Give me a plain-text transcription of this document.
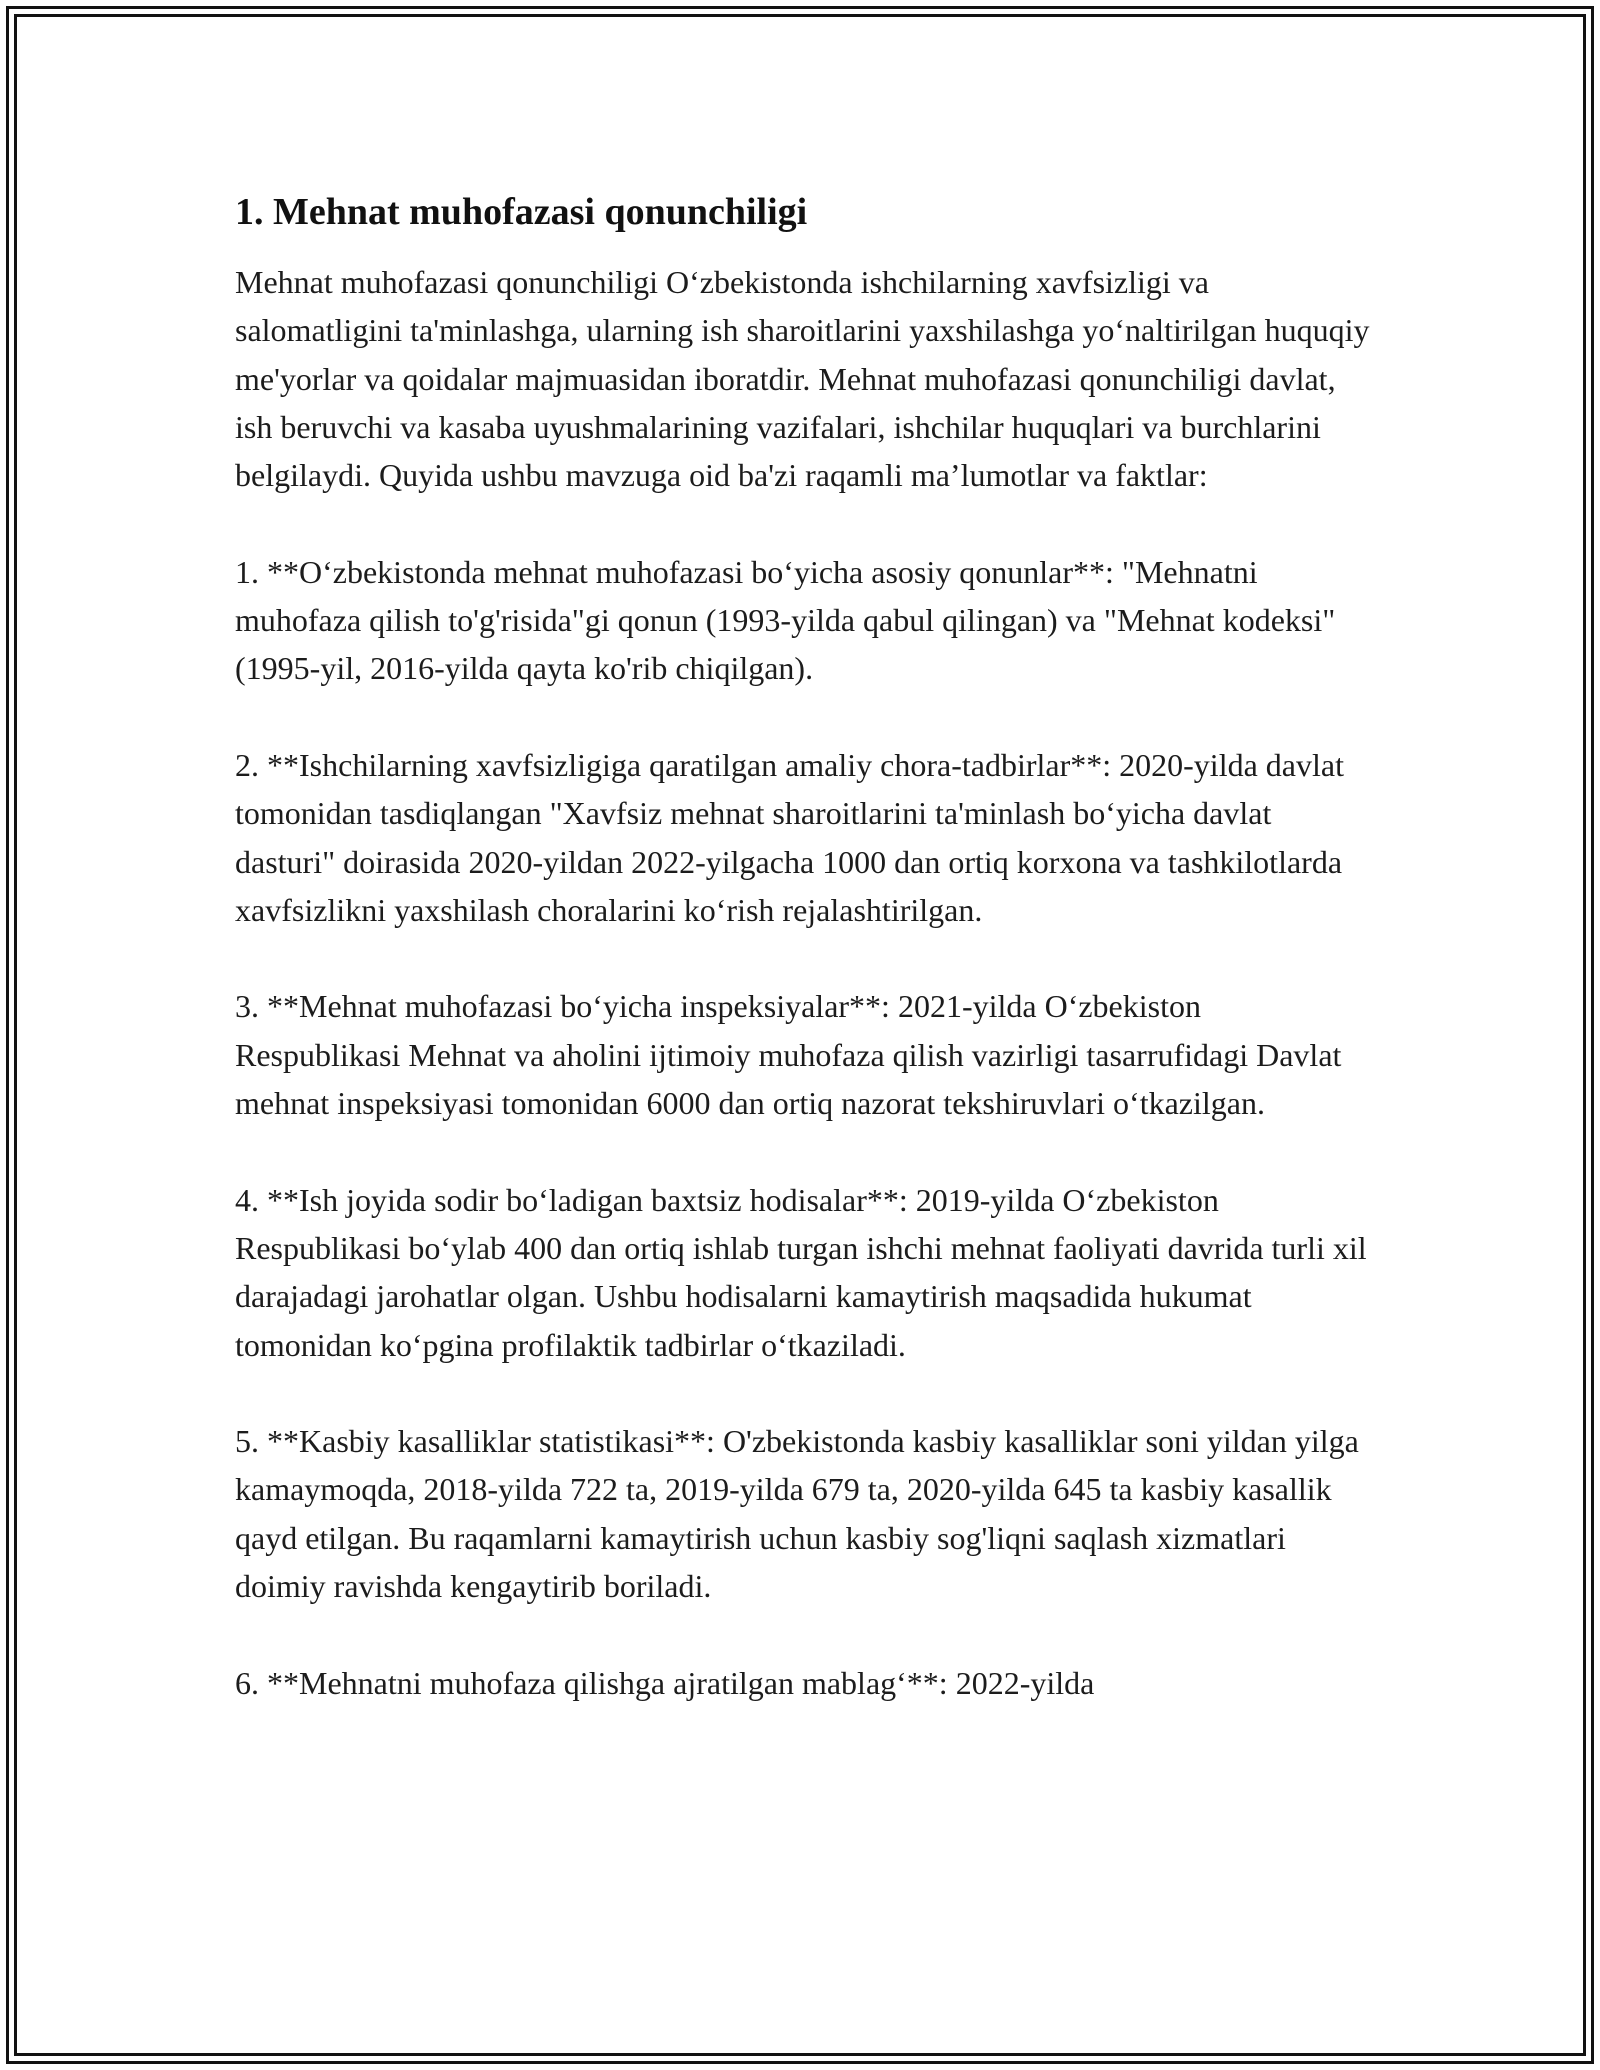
1. Mehnat muhofazasi qonunchiligi

Mehnat muhofazasi qonunchiligi O‘zbekistonda ishchilarning xavfsizligi va salomatligini ta'minlashga, ularning ish sharoitlarini yaxshilashga yo‘naltirilgan huquqiy me'yorlar va qoidalar majmuasidan iboratdir. Mehnat muhofazasi qonunchiligi davlat, ish beruvchi va kasaba uyushmalarining vazifalari, ishchilar huquqlari va burchlarini belgilaydi. Quyida ushbu mavzuga oid ba'zi raqamli ma’lumotlar va faktlar:

1. **O‘zbekistonda mehnat muhofazasi bo‘yicha asosiy qonunlar**: "Mehnatni muhofaza qilish to'g'risida"gi qonun (1993-yilda qabul qilingan) va "Mehnat kodeksi" (1995-yil, 2016-yilda qayta ko'rib chiqilgan).

2. **Ishchilarning xavfsizligiga qaratilgan amaliy chora-tadbirlar**: 2020-yilda davlat tomonidan tasdiqlangan "Xavfsiz mehnat sharoitlarini ta'minlash bo‘yicha davlat dasturi" doirasida 2020-yildan 2022-yilgacha 1000 dan ortiq korxona va tashkilotlarda xavfsizlikni yaxshilash choralarini ko‘rish rejalashtirilgan.

3. **Mehnat muhofazasi bo‘yicha inspeksiyalar**: 2021-yilda O‘zbekiston Respublikasi Mehnat va aholini ijtimoiy muhofaza qilish vazirligi tasarrufidagi Davlat mehnat inspeksiyasi tomonidan 6000 dan ortiq nazorat tekshiruvlari o‘tkazilgan.

4. **Ish joyida sodir bo‘ladigan baxtsiz hodisalar**: 2019-yilda O‘zbekiston Respublikasi bo‘ylab 400 dan ortiq ishlab turgan ishchi mehnat faoliyati davrida turli xil darajadagi jarohatlar olgan. Ushbu hodisalarni kamaytirish maqsadida hukumat tomonidan ko‘pgina profilaktik tadbirlar o‘tkaziladi.

5. **Kasbiy kasalliklar statistikasi**: O'zbekistonda kasbiy kasalliklar soni yildan yilga kamaymoqda, 2018-yilda 722 ta, 2019-yilda 679 ta, 2020-yilda 645 ta kasbiy kasallik qayd etilgan. Bu raqamlarni kamaytirish uchun kasbiy sog'liqni saqlash xizmatlari doimiy ravishda kengaytirib boriladi.

6. **Mehnatni muhofaza qilishga ajratilgan mablag‘**: 2022-yilda
